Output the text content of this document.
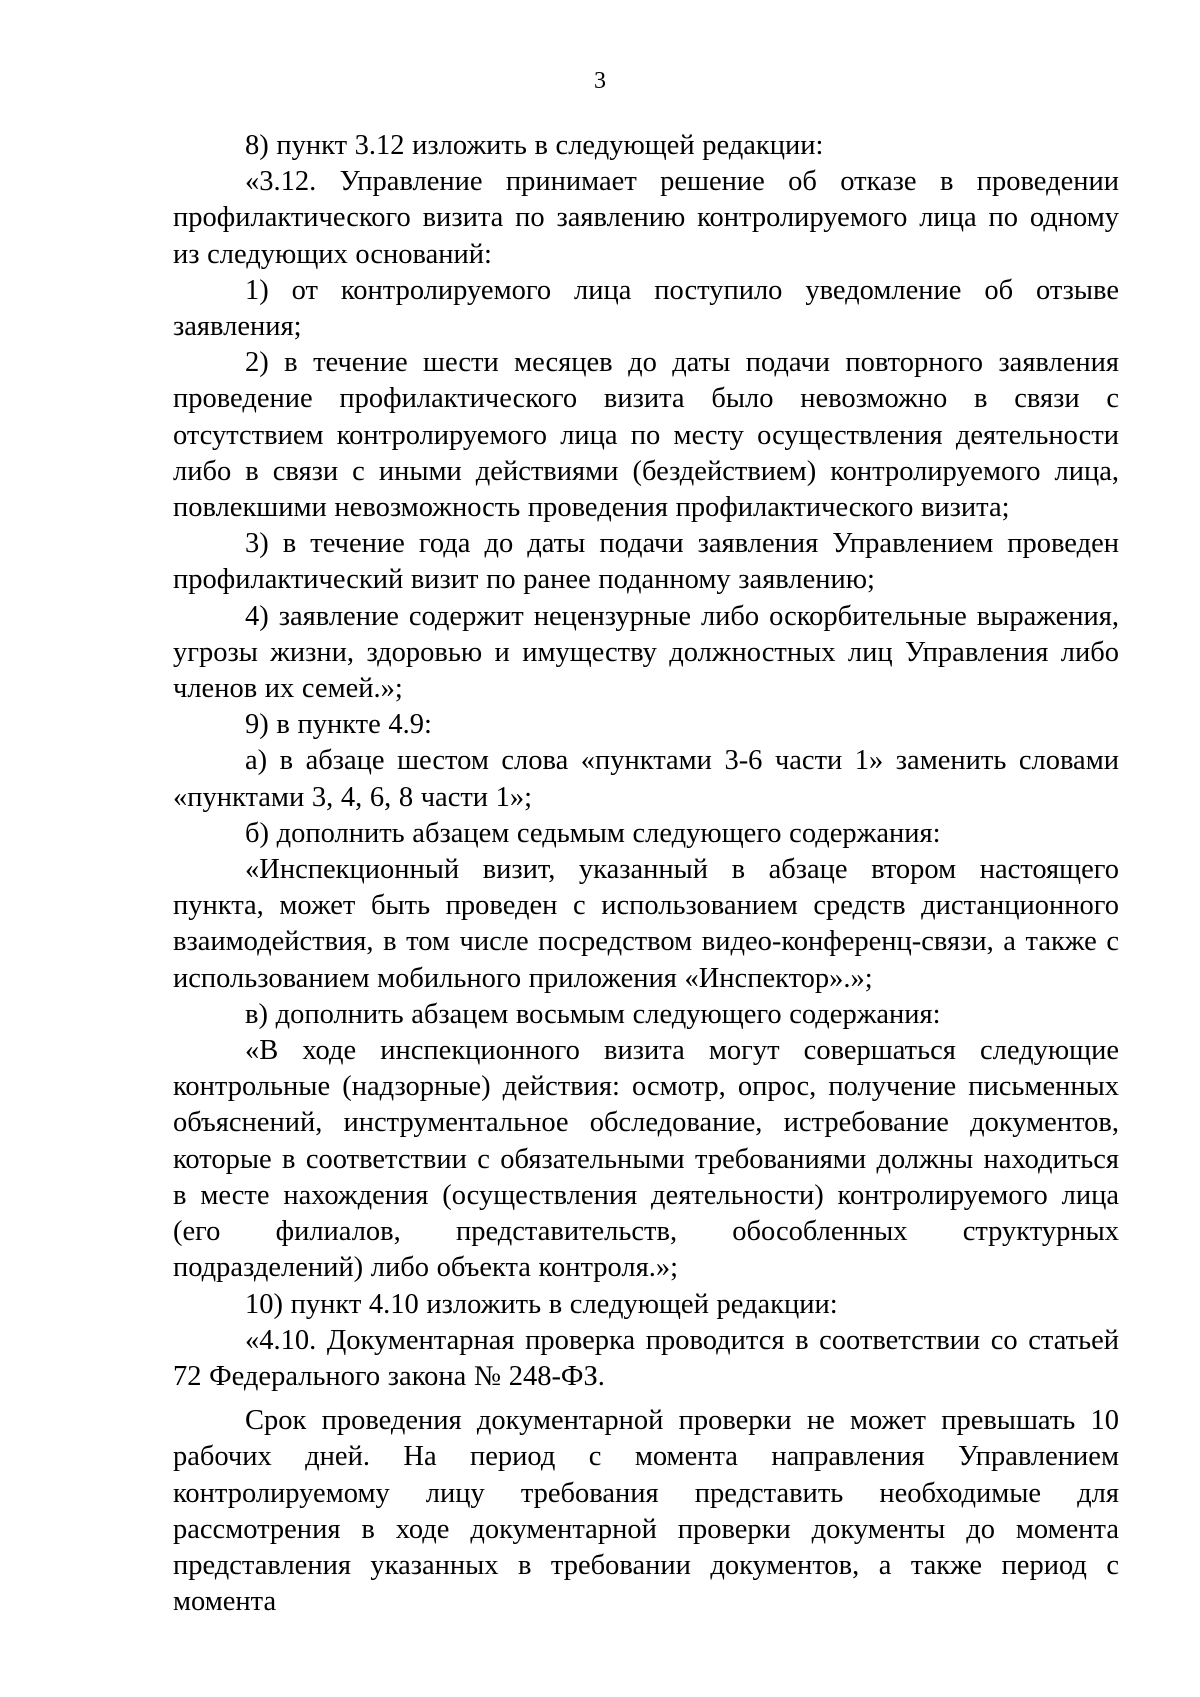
3

8) пункт 3.12 изложить в следующей редакции:

«3.12. Управление принимает решение об отказе в проведении профилактического визита по заявлению контролируемого лица по одному из следующих оснований:

1) от контролируемого лица поступило уведомление об отзыве заявления;

2) в течение шести месяцев до даты подачи повторного заявления проведение профилактического визита было невозможно в связи с отсутствием контролируемого лица по месту осуществления деятельности либо в связи с иными действиями (бездействием) контролируемого лица, повлекшими невозможность проведения профилактического визита;

3) в течение года до даты подачи заявления Управлением проведен профилактический визит по ранее поданному заявлению;

4) заявление содержит нецензурные либо оскорбительные выражения, угрозы жизни, здоровью и имуществу должностных лиц Управления либо членов их семей.»;

9) в пункте 4.9:

а) в абзаце шестом слова «пунктами 3-6 части 1» заменить словами «пунктами 3, 4, 6, 8 части 1»;

б) дополнить абзацем седьмым следующего содержания:

«Инспекционный визит, указанный в абзаце втором настоящего пункта, может быть проведен с использованием средств дистанционного взаимодействия, в том числе посредством видео-конференц-связи, а также с использованием мобильного приложения «Инспектор».»;

в) дополнить абзацем восьмым следующего содержания:

«В ходе инспекционного визита могут совершаться следующие контрольные (надзорные) действия: осмотр, опрос, получение письменных объяснений, инструментальное обследование, истребование документов, которые в соответствии с обязательными требованиями должны находиться в месте нахождения (осуществления деятельности) контролируемого лица (его филиалов, представительств, обособленных структурных подразделений) либо объекта контроля.»;

10) пункт 4.10 изложить в следующей редакции:

«4.10. Документарная проверка проводится в соответствии со статьей 72 Федерального закона № 248-ФЗ.

Срок проведения документарной проверки не может превышать 10 рабочих дней. На период с момента направления Управлением контролируемому лицу требования представить необходимые для рассмотрения в ходе документарной проверки документы до момента представления указанных в требовании документов, а также период с момента
